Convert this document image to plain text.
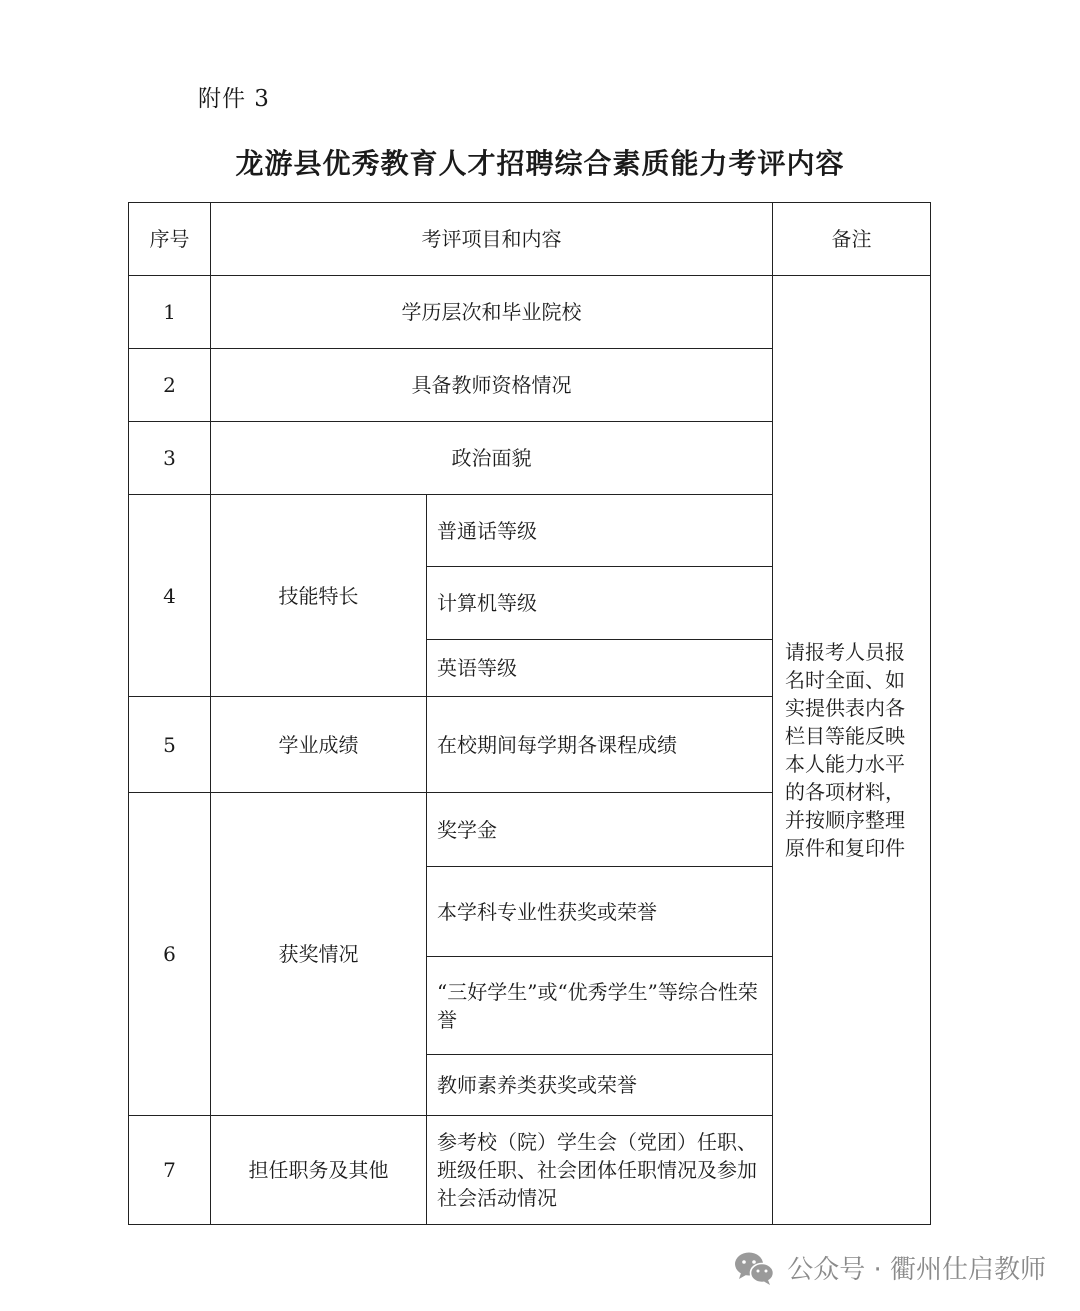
附件 3
龙游县优秀教育人才招聘综合素质能力考评内容
序号	考评项目和内容		备注
1	学历层次和毕业院校		请报考人员报名时全面、如实提供表内各栏目等能反映本人能力水平的各项材料，并按顺序整理原件和复印件
2	具备教师资格情况		
3	政治面貌		
4	技能特长	普通话等级	
		计算机等级	
		英语等级	
5	学业成绩	在校期间每学期各课程成绩	
6	获奖情况	奖学金	
		本学科专业性获奖或荣誉	
		“三好学生”或“优秀学生”等综合性荣誉	
		教师素养类获奖或荣誉	
7	担任职务及其他	参考校（院）学生会（党团）任职、班级任职、社会团体任职情况及参加社会活动情况	
公众号 · 衢州仕启教师
